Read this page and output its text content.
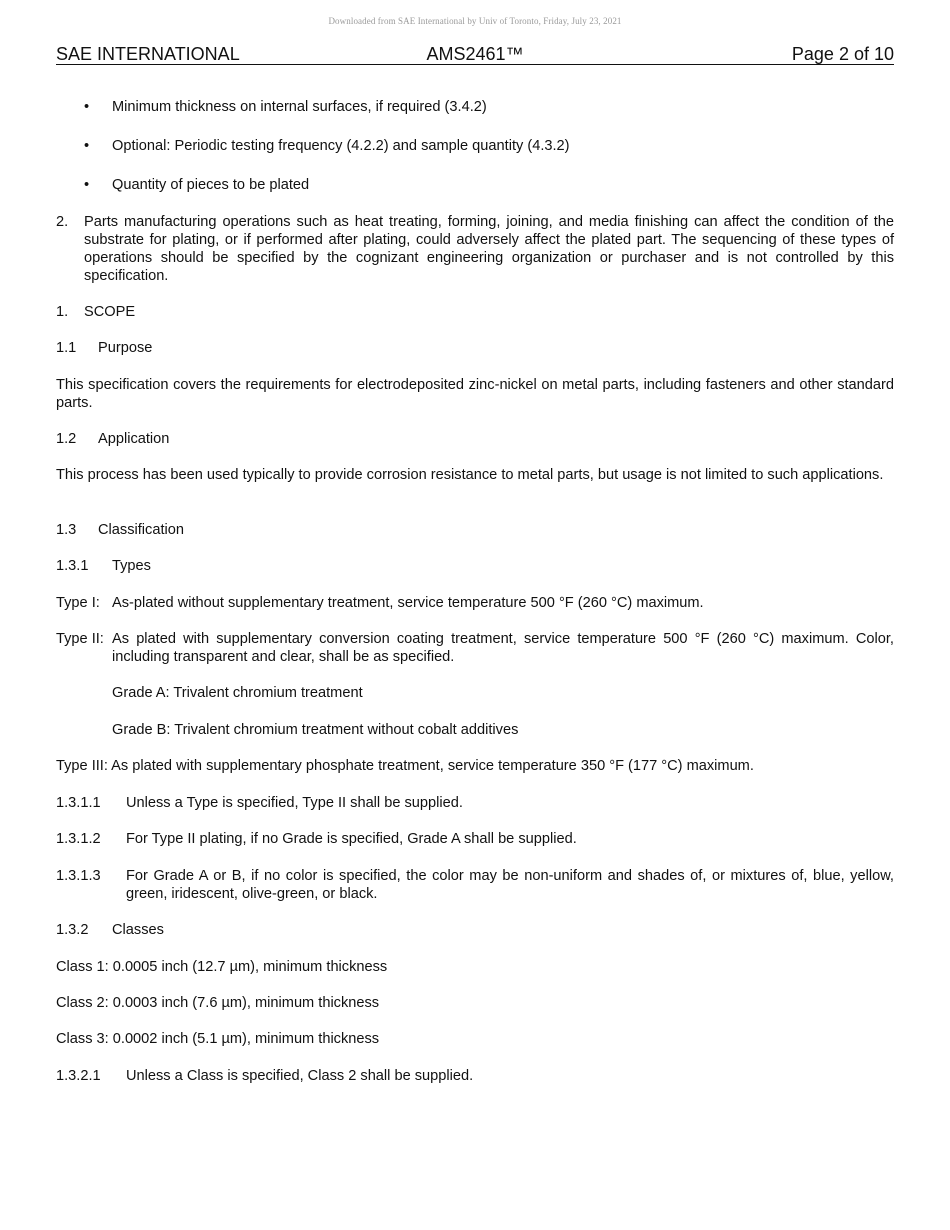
Downloaded from SAE International by Univ of Toronto, Friday, July 23, 2021
SAE INTERNATIONAL	AMS2461™	Page 2 of 10
• Minimum thickness on internal surfaces, if required (3.4.2)
• Optional: Periodic testing frequency (4.2.2) and sample quantity (4.3.2)
• Quantity of pieces to be plated
2. Parts manufacturing operations such as heat treating, forming, joining, and media finishing can affect the condition of the substrate for plating, or if performed after plating, could adversely affect the plated part. The sequencing of these types of operations should be specified by the cognizant engineering organization or purchaser and is not controlled by this specification.
1. SCOPE
1.1 Purpose
This specification covers the requirements for electrodeposited zinc-nickel on metal parts, including fasteners and other standard parts.
1.2 Application
This process has been used typically to provide corrosion resistance to metal parts, but usage is not limited to such applications.
1.3 Classification
1.3.1 Types
Type I: As-plated without supplementary treatment, service temperature 500 °F (260 °C) maximum.
Type II: As plated with supplementary conversion coating treatment, service temperature 500 °F (260 °C) maximum. Color, including transparent and clear, shall be as specified.
Grade A: Trivalent chromium treatment
Grade B: Trivalent chromium treatment without cobalt additives
Type III: As plated with supplementary phosphate treatment, service temperature 350 °F (177 °C) maximum.
1.3.1.1 Unless a Type is specified, Type II shall be supplied.
1.3.1.2 For Type II plating, if no Grade is specified, Grade A shall be supplied.
1.3.1.3 For Grade A or B, if no color is specified, the color may be non-uniform and shades of, or mixtures of, blue, yellow, green, iridescent, olive-green, or black.
1.3.2 Classes
Class 1: 0.0005 inch (12.7 µm), minimum thickness
Class 2: 0.0003 inch (7.6 µm), minimum thickness
Class 3: 0.0002 inch (5.1 µm), minimum thickness
1.3.2.1 Unless a Class is specified, Class 2 shall be supplied.
